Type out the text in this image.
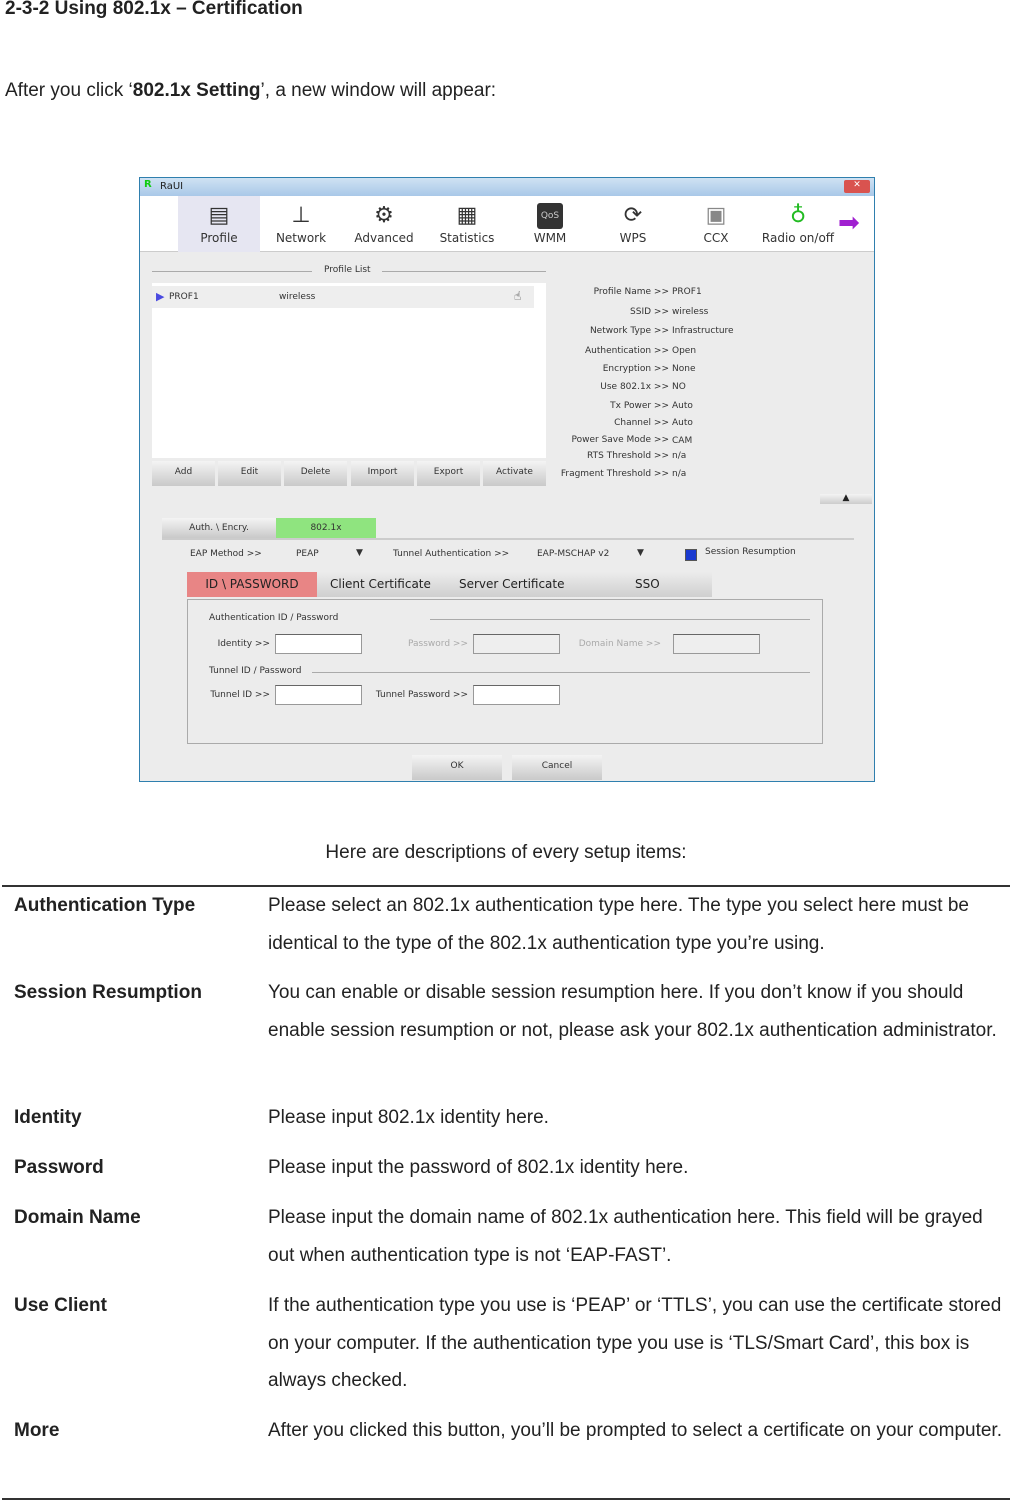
2-3-2 Using 802.1x – Certification
After you click ‘802.1x Setting’, a new window will appear:
R RaUI	✕
▤
Profile
⊥
Network
⚙
Advanced
▦
Statistics
QoS
WMM
⟳
WPS
▣
CCX
♁
Radio on/off ➡
Profile List
▶ PROF1	wireless	☝
Add	Edit	Delete	Import	Export	Activate
Profile Name >> PROF1
SSID >> wireless
Network Type >> Infrastructure
Authentication >> Open
Encryption >> None
Use 802.1x >> NO
Tx Power >> Auto
Channel >> Auto
Power Save Mode >> CAM
RTS Threshold >> n/a
Fragment Threshold >> n/a
▲
Auth. \ Encry.	802.1x
EAP Method >>	PEAP	▼	Tunnel Authentication >>	EAP-MSCHAP v2	▼	Session Resumption
ID \ PASSWORD	Client Certificate Server Certificate	SSO
Authentication ID / Password
Identity >>	Password >>	Domain Name >>
Tunnel ID / Password
Tunnel ID >>	Tunnel Password >>
OK	Cancel
Here are descriptions of every setup items:
Authentication Type	Please select an 802.1x authentication type here. The type you select here must be identical to the type of the 802.1x authentication type you’re using.
Session Resumption	You can enable or disable session resumption here. If you don’t know if you should enable session resumption or not, please ask your 802.1x authentication administrator.
Identity	Please input 802.1x identity here.
Password	Please input the password of 802.1x identity here.
Domain Name	Please input the domain name of 802.1x authentication here. This field will be grayed out when authentication type is not ‘EAP-FAST’.
Use Client	If the authentication type you use is ‘PEAP’ or ‘TTLS’, you can use the certificate stored on your computer. If the authentication type you use is ‘TLS/Smart Card’, this box is always checked.
More	After you clicked this button, you’ll be prompted to select a certificate on your computer.
